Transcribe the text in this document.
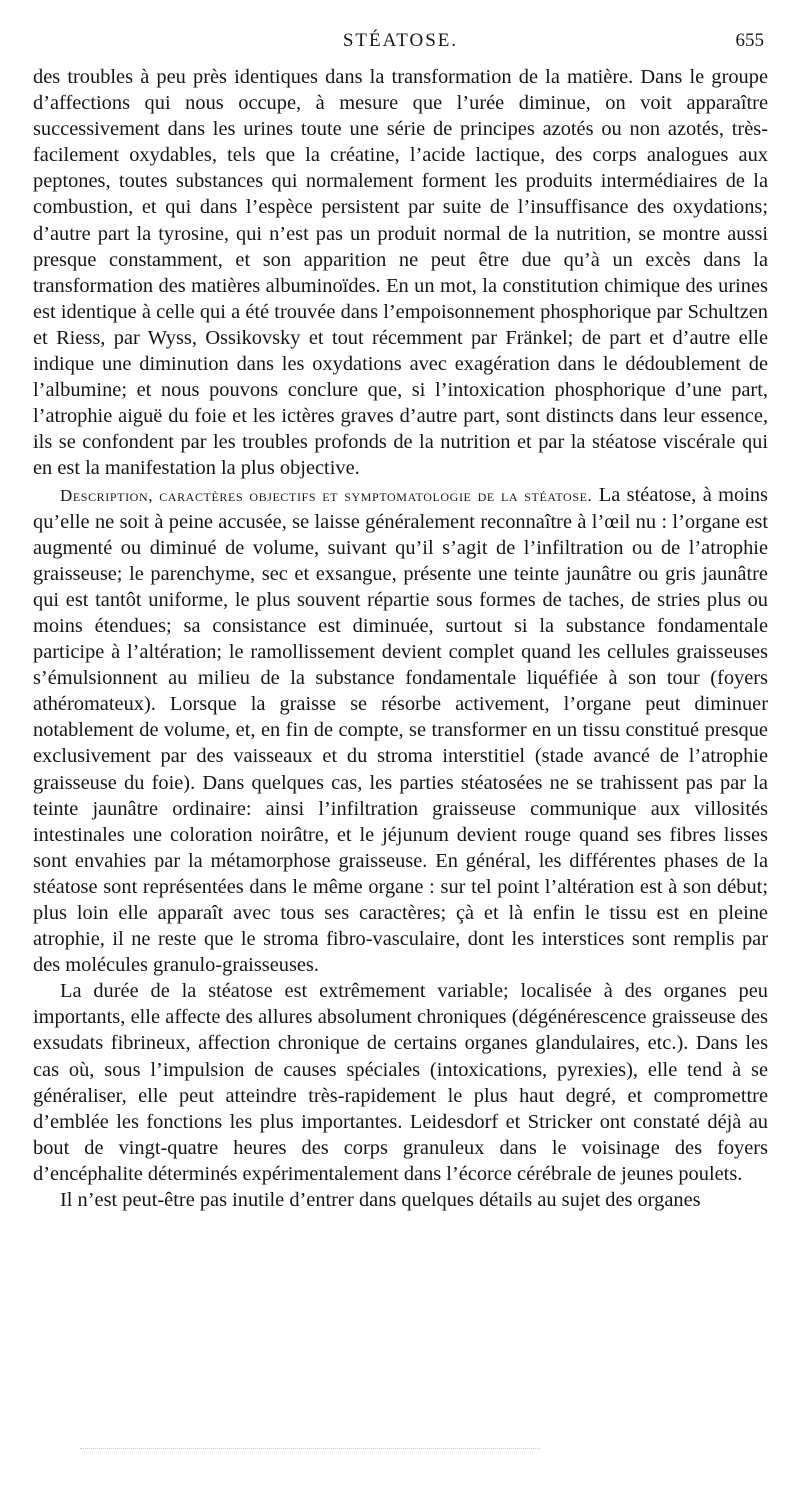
STÉATOSE.	655

des troubles à peu près identiques dans la transformation de la matière. Dans le groupe d’affections qui nous occupe, à mesure que l’urée diminue, on voit apparaître successivement dans les urines toute une série de principes azotés ou non azotés, très-facilement oxydables, tels que la créatine, l’acide lactique, des corps analogues aux peptones, toutes substances qui normalement forment les produits intermédiaires de la combustion, et qui dans l’espèce persistent par suite de l’insuffisance des oxydations; d’autre part la tyrosine, qui n’est pas un produit normal de la nutrition, se montre aussi presque constamment, et son apparition ne peut être due qu’à un excès dans la transformation des matières albuminoïdes. En un mot, la constitution chimique des urines est identique à celle qui a été trouvée dans l’empoisonnement phosphorique par Schultzen et Riess, par Wyss, Ossikovsky et tout récemment par Fränkel; de part et d’autre elle indique une diminution dans les oxydations avec exagération dans le dédoublement de l’albumine; et nous pouvons conclure que, si l’intoxication phosphorique d’une part, l’atrophie aiguë du foie et les ictères graves d’autre part, sont distincts dans leur essence, ils se confondent par les troubles profonds de la nutrition et par la stéatose viscérale qui en est la manifestation la plus objective.

Description, caractères objectifs et symptomatologie de la stéatose. La stéatose, à moins qu’elle ne soit à peine accusée, se laisse généralement reconnaître à l’œil nu : l’organe est augmenté ou diminué de volume, suivant qu’il s’agit de l’infiltration ou de l’atrophie graisseuse; le parenchyme, sec et exsangue, présente une teinte jaunâtre ou gris jaunâtre qui est tantôt uniforme, le plus souvent répartie sous formes de taches, de stries plus ou moins étendues; sa consistance est diminuée, surtout si la substance fondamentale participe à l’altération; le ramollissement devient complet quand les cellules graisseuses s’émulsionnent au milieu de la substance fondamentale liquéfiée à son tour (foyers athéromateux). Lorsque la graisse se résorbe activement, l’organe peut diminuer notablement de volume, et, en fin de compte, se transformer en un tissu constitué presque exclusivement par des vaisseaux et du stroma interstitiel (stade avancé de l’atrophie graisseuse du foie). Dans quelques cas, les parties stéatosées ne se trahissent pas par la teinte jaunâtre ordinaire: ainsi l’infiltration graisseuse communique aux villosités intestinales une coloration noirâtre, et le jéjunum devient rouge quand ses fibres lisses sont envahies par la métamorphose graisseuse. En général, les différentes phases de la stéatose sont représentées dans le même organe : sur tel point l’altération est à son début; plus loin elle apparaît avec tous ses caractères; çà et là enfin le tissu est en pleine atrophie, il ne reste que le stroma fibro-vasculaire, dont les interstices sont remplis par des molécules granulo-graisseuses.

La durée de la stéatose est extrêmement variable; localisée à des organes peu importants, elle affecte des allures absolument chroniques (dégénérescence graisseuse des exsudats fibrineux, affection chronique de certains organes glandulaires, etc.). Dans les cas où, sous l’impulsion de causes spéciales (intoxications, pyrexies), elle tend à se généraliser, elle peut atteindre très-rapidement le plus haut degré, et compromettre d’emblée les fonctions les plus importantes. Leidesdorf et Stricker ont constaté déjà au bout de vingt-quatre heures des corps granuleux dans le voisinage des foyers d’encéphalite déterminés expérimentalement dans l’écorce cérébrale de jeunes poulets.

Il n’est peut-être pas inutile d’entrer dans quelques détails au sujet des organes
